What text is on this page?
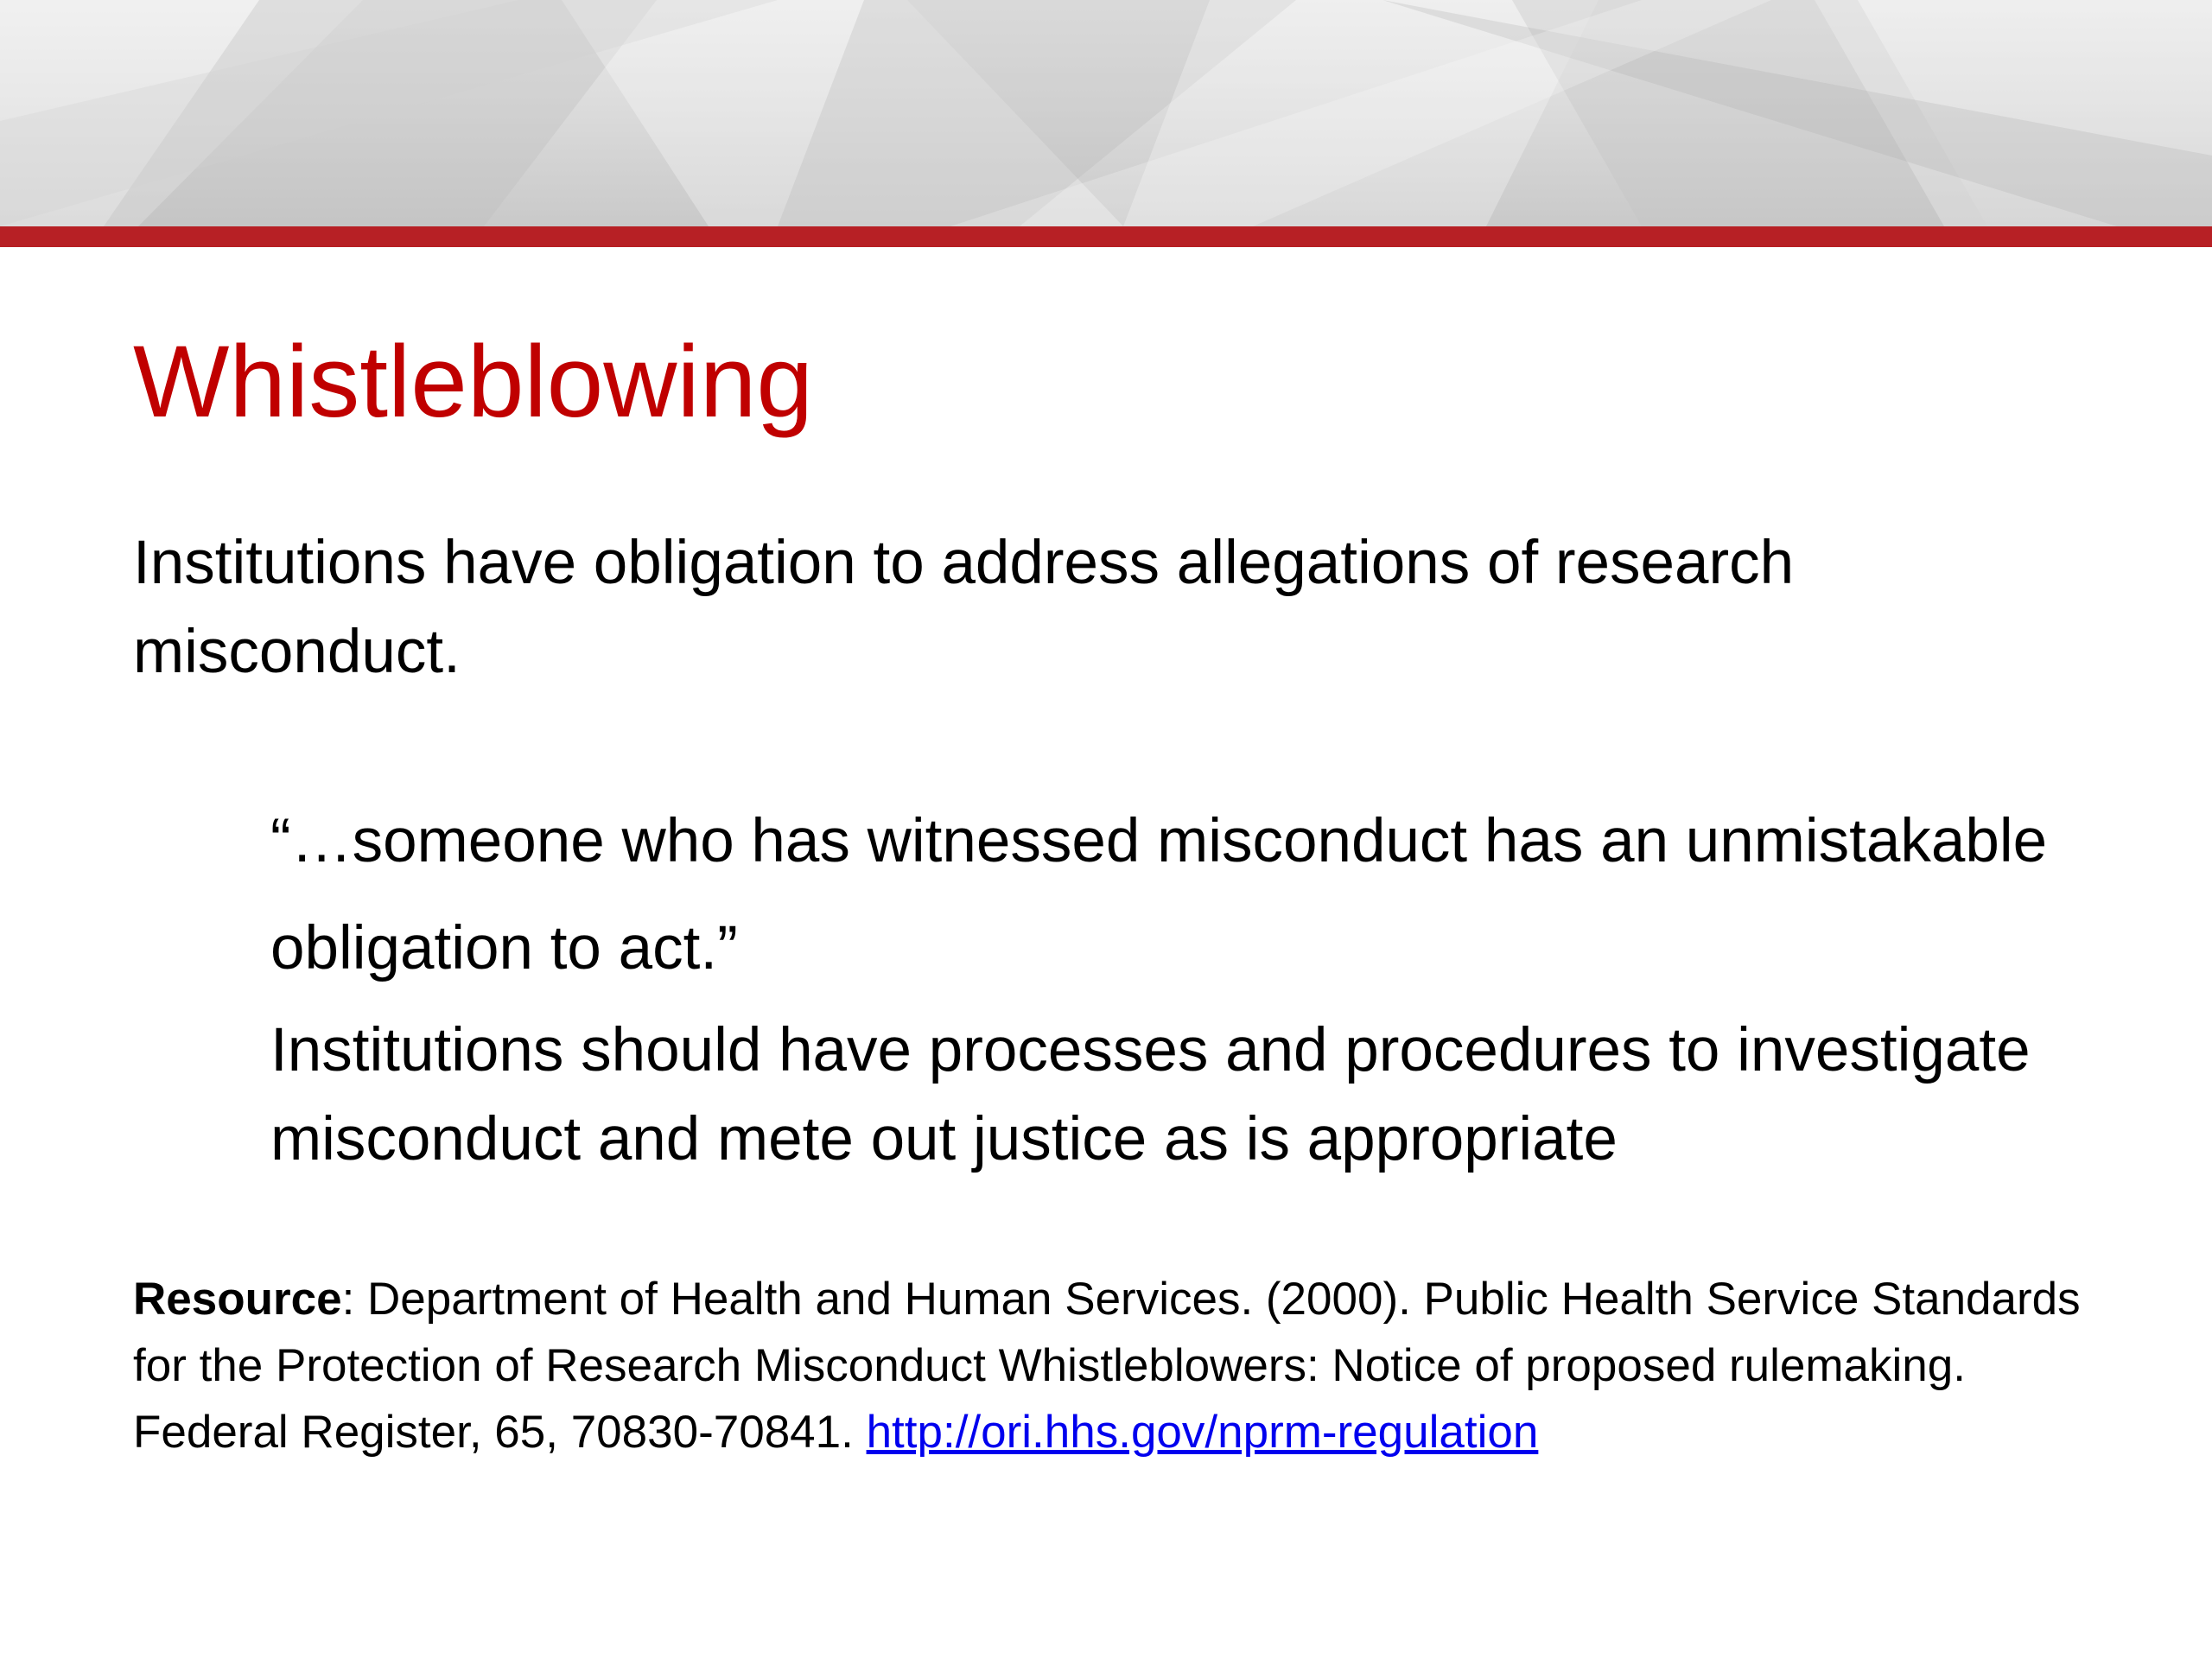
Whistleblowing

Institutions have obligation to address allegations of research misconduct.

“…someone who has witnessed misconduct has an unmistakable obligation to act.”

Institutions should have processes and procedures to investigate misconduct and mete out justice as is appropriate

Resource: Department of Health and Human Services. (2000). Public Health Service Standards for the Protection of Research Misconduct Whistleblowers: Notice of proposed rulemaking. Federal Register, 65, 70830-70841. http://ori.hhs.gov/nprm-regulation
